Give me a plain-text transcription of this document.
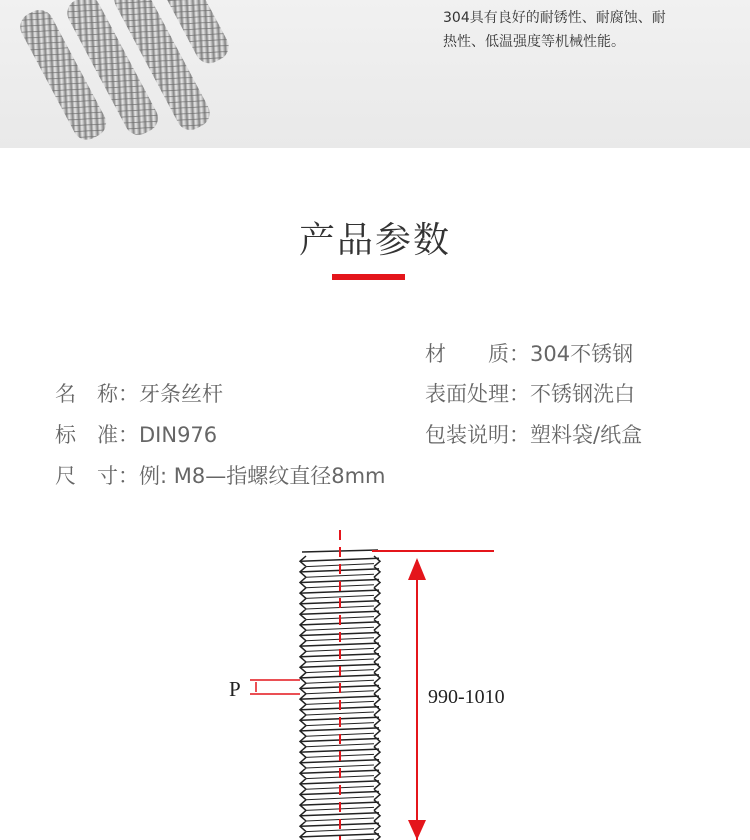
304具有良好的耐锈性、耐腐蚀、耐
热性、低温强度等机械性能。
产品参数
材　　质：304不锈钢
名　称：牙条丝杆	表面处理：不锈钢洗白
标　准：DIN976	包装说明：塑料袋/纸盒
尺　寸：例: M8—指螺纹直径8mm
990-1010
P
